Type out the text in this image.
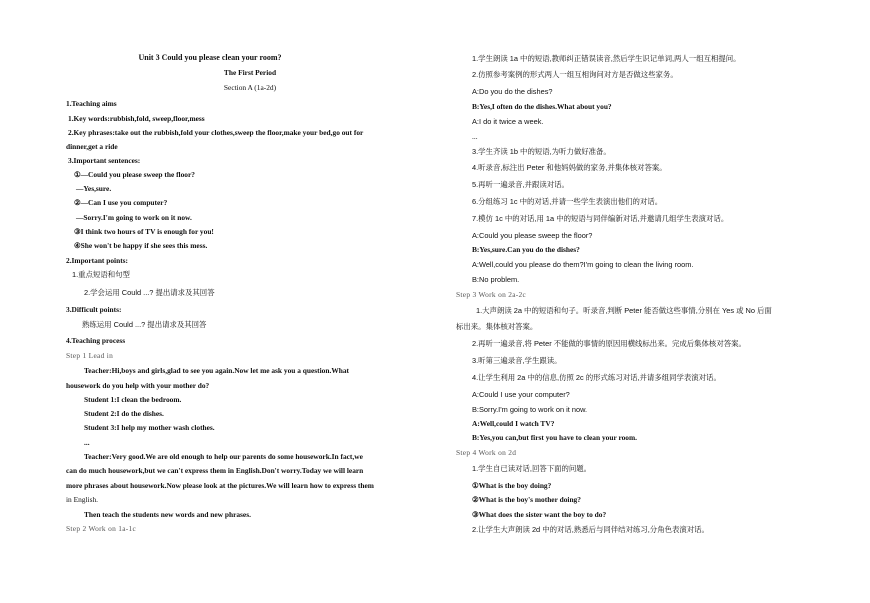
Unit 3 Could you please clean your room?
The First Period
Section A (1a-2d)
1.Teaching aims
1.Key words:rubbish,fold, sweep,floor,mess
2.Key phrases:take out the rubbish,fold your clothes,sweep the floor,make your bed,go out for
dinner,get a ride
3.Important sentences:
①—Could you please sweep the floor?
—Yes,sure.
②—Can I use you computer?
—Sorry.I'm going to work on it now.
③I think two hours of TV is enough for you!
④She won't be happy if she sees this mess.
2.Important points:
1.重点短语和句型
2.学会运用 Could ...? 提出请求及其回答
3.Difficult points:
熟练运用 Could ...? 提出请求及其回答
4.Teaching process
Step 1 Lead in
Teacher:Hi,boys and girls,glad to see you again.Now let me ask you a question.What
housework do you help with your mother do?
Student 1:I clean the bedroom.
Student 2:I do the dishes.
Student 3:I help my mother wash clothes.
...
Teacher:Very good.We are old enough to help our parents do some housework.In fact,we
can do much housework,but we can't express them in English.Don't worry.Today we will learn
more phrases about housework.Now please look at the pictures.We will learn how to express them
in English.
Then teach the students new words and new phrases.
Step 2 Work on 1a-1c
1.学生朗读 1a 中的短语,教师纠正错误读音,然后学生识记单词,两人一组互相提问。
2.仿照参考案例的形式两人一组互相询问对方是否做这些家务。
A:Do you do the dishes?
B:Yes,I often do the dishes.What about you?
A:I do it twice a week.
...
3.学生齐读 1b 中的短语,为听力做好准备。
4.听录音,标注出 Peter 和他妈妈做的家务,并集体核对答案。
5.再听一遍录音,并跟读对话。
6.分组练习 1c 中的对话,并请一些学生表演出他们的对话。
7.模仿 1c 中的对话,用 1a 中的短语与同伴编新对话,并邀请几组学生表演对话。
A:Could you please sweep the floor?
B:Yes,sure.Can you do the dishes?
A:Well,could you please do them?I'm going to clean the living room.
B:No problem.
Step 3 Work on 2a-2c
1.大声朗读 2a 中的短语和句子。听录音,判断 Peter 能否做这些事情,分别在 Yes 或 No 后面
标出来。集体核对答案。
2.再听一遍录音,将 Peter 不能做的事情的原因用横线标出来。完成后集体核对答案。
3.听第三遍录音,学生跟读。
4.让学生利用 2a 中的信息,仿照 2c 的形式练习对话,并请多组同学表演对话。
A:Could I use your computer?
B:Sorry.I'm going to work on it now.
A:Well,could I watch TV?
B:Yes,you can,but first you have to clean your room.
Step 4 Work on 2d
1.学生自已读对话,回答下面的问题。
①What is the boy doing?
②What is the boy's mother doing?
③What does the sister want the boy to do?
2.让学生大声朗读 2d 中的对话,熟悉后与同伴结对练习,分角色表演对话。
